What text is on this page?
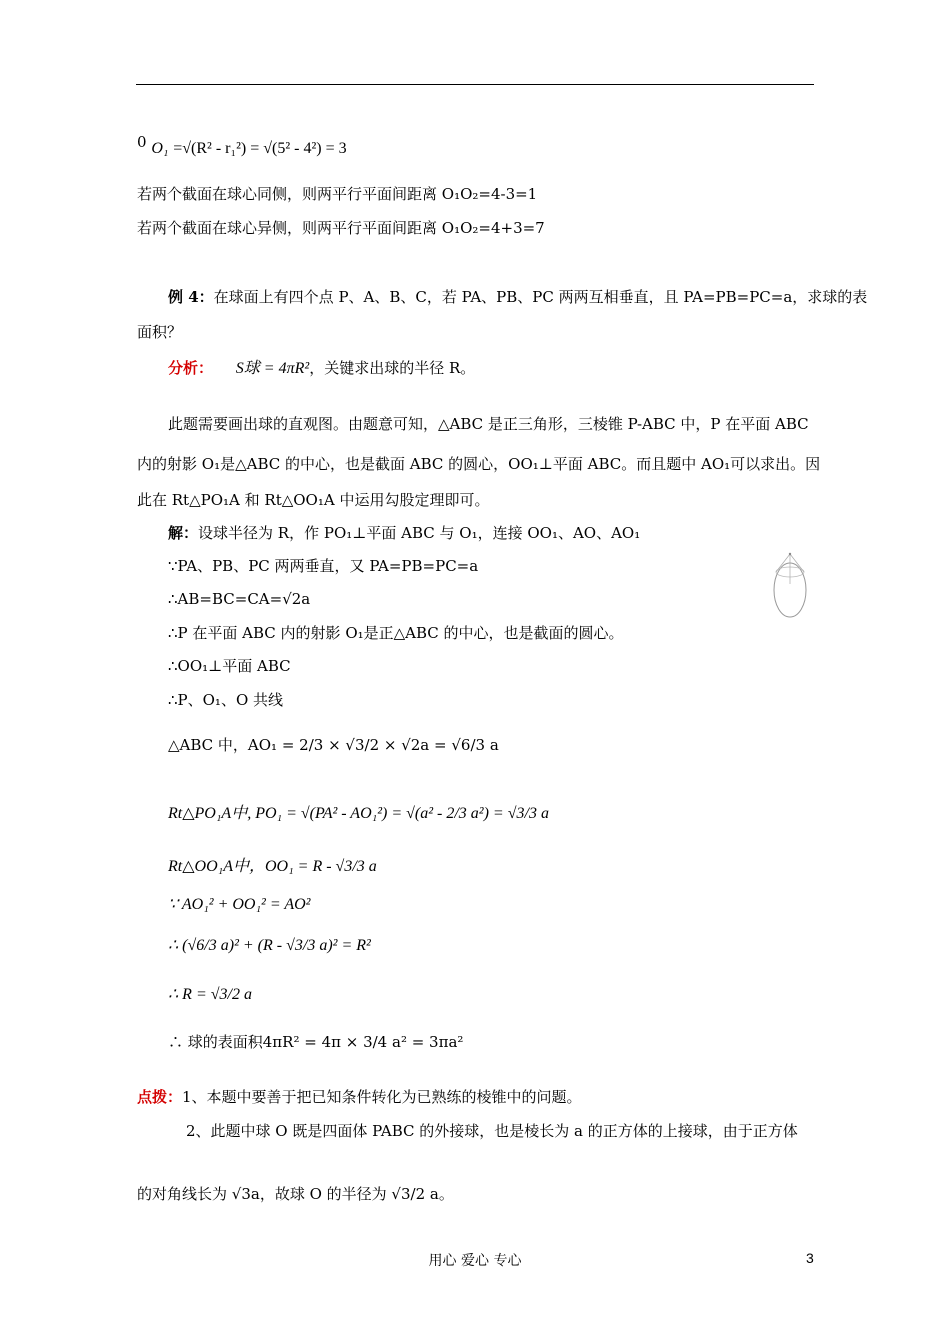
0 O₁ =√(R² - r₁²) = √(5² - 4²) = 3
若两个截面在球心同侧，则两平行平面间距离 O₁O₂=4-3=1
若两个截面在球心异侧，则两平行平面间距离 O₁O₂=4+3=7
例 4：在球面上有四个点 P、A、B、C，若 PA、PB、PC 两两互相垂直，且 PA=PB=PC=a，求球的表
面积？
分析： S球 = 4πR²，关键求出球的半径 R。
此题需要画出球的直观图。由题意可知，△ABC 是正三角形，三棱锥 P-ABC 中，P 在平面 ABC
内的射影 O₁是△ABC 的中心，也是截面 ABC 的圆心，OO₁⊥平面 ABC。而且题中 AO₁可以求出。因
此在 Rt△PO₁A 和 Rt△OO₁A 中运用勾股定理即可。
解：设球半径为 R，作 PO₁⊥平面 ABC 与 O₁，连接 OO₁、AO、AO₁
∵PA、PB、PC 两两垂直，又 PA=PB=PC=a
∴AB=BC=CA=√2a
∴P 在平面 ABC 内的射影 O₁是正△ABC 的中心，也是截面的圆心。
∴OO₁⊥平面 ABC
∴P、O₁、O 共线
△ABC 中，AO₁ = 2/3 × √3/2 × √2a = √6/3 a
Rt△PO₁A中, PO₁ = √(PA² - AO₁²) = √(a² - 2/3 a²) = √3/3 a
Rt△OO₁A中，OO₁ = R - √3/3 a
∵ AO₁² + OO₁² = AO²
∴ (√6/3 a)² + (R - √3/3 a)² = R²
∴ R = √3/2 a
∴ 球的表面积4πR² = 4π × 3/4 a² = 3πa²
点拨：1、本题中要善于把已知条件转化为已熟练的棱锥中的问题。
2、此题中球 O 既是四面体 PABC 的外接球，也是棱长为 a 的正方体的上接球，由于正方体
的对角线长为 √3a，故球 O 的半径为 √3/2 a。
用心 爱心 专心	3
